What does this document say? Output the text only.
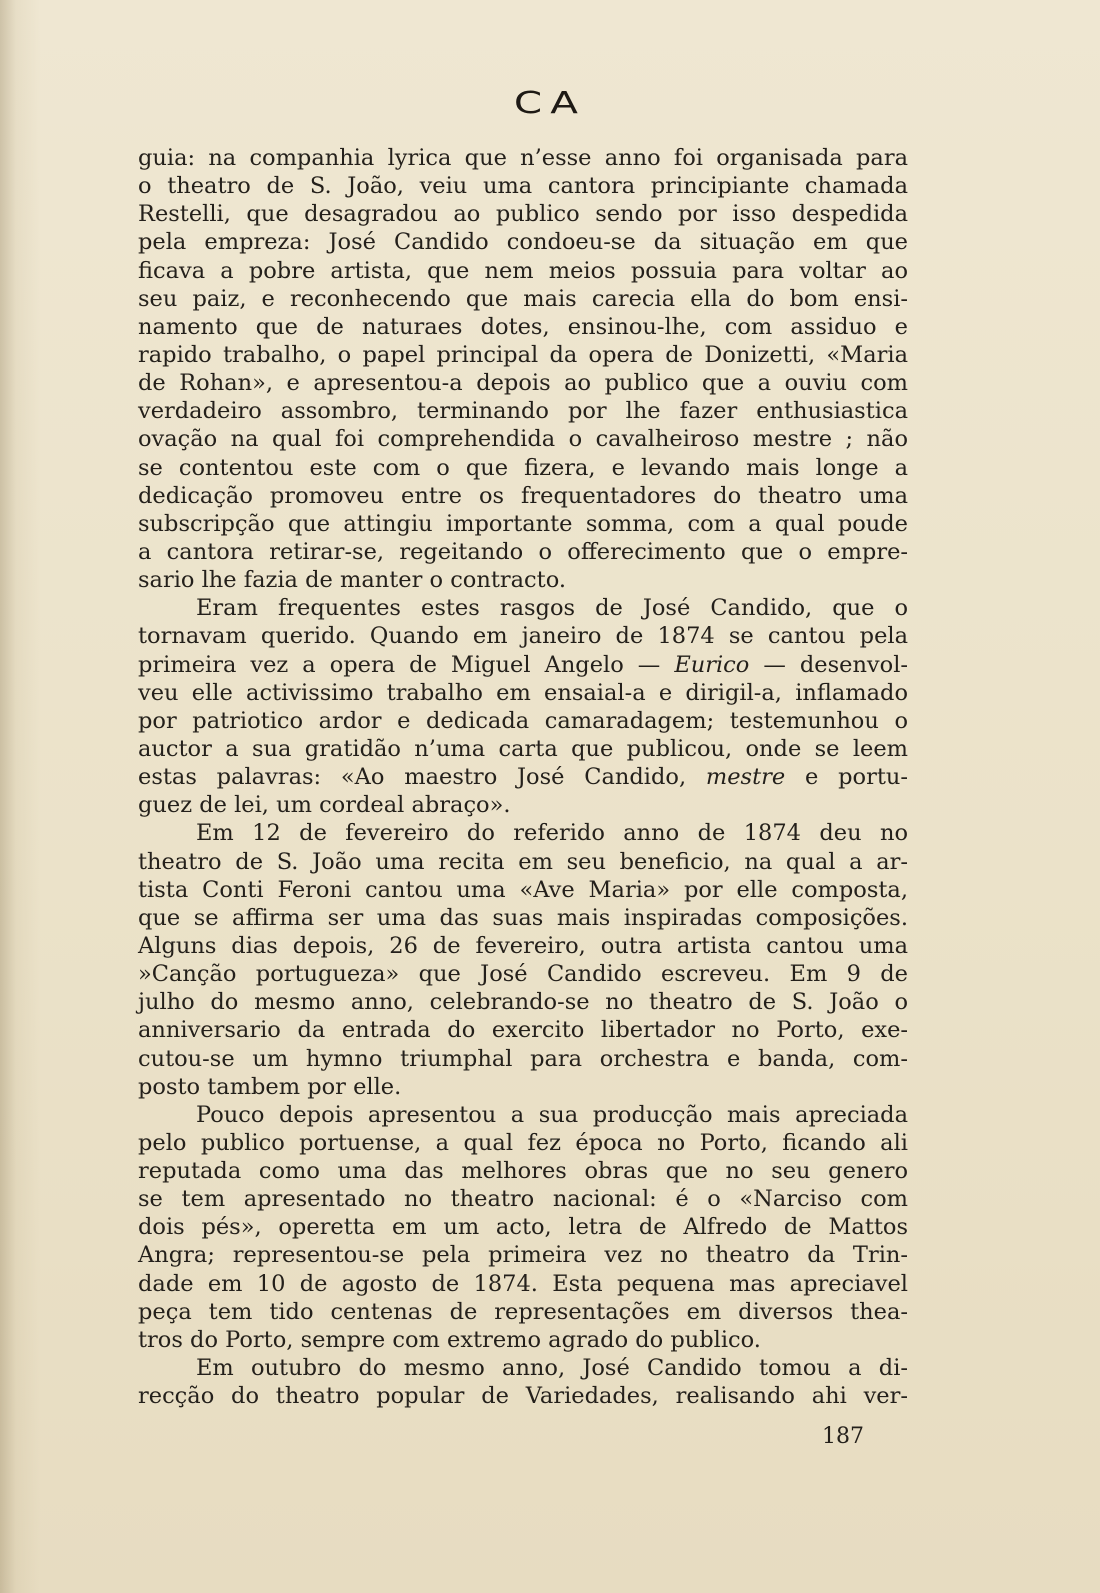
CA
guia: na companhia lyrica que n’esse anno foi organisada para
o theatro de S. João, veiu uma cantora principiante chamada
Restelli, que desagradou ao publico sendo por isso despedida
pela empreza: José Candido condoeu-se da situação em que
ficava a pobre artista, que nem meios possuia para voltar ao
seu paiz, e reconhecendo que mais carecia ella do bom ensi-
namento que de naturaes dotes, ensinou-lhe, com assiduo e
rapido trabalho, o papel principal da opera de Donizetti, «Maria
de Rohan», e apresentou-a depois ao publico que a ouviu com
verdadeiro assombro, terminando por lhe fazer enthusiastica
ovação na qual foi comprehendida o cavalheiroso mestre ; não
se contentou este com o que fizera, e levando mais longe a
dedicação promoveu entre os frequentadores do theatro uma
subscripção que attingiu importante somma, com a qual poude
a cantora retirar-se, regeitando o offerecimento que o empre-
sario lhe fazia de manter o contracto.
Eram frequentes estes rasgos de José Candido, que o
tornavam querido. Quando em janeiro de 1874 se cantou pela
primeira vez a opera de Miguel Angelo — Eurico — desenvol-
veu elle activissimo trabalho em ensaial-a e dirigil-a, inflamado
por patriotico ardor e dedicada camaradagem; testemunhou o
auctor a sua gratidão n’uma carta que publicou, onde se leem
estas palavras: «Ao maestro José Candido, mestre e portu-
guez de lei, um cordeal abraço».
Em 12 de fevereiro do referido anno de 1874 deu no
theatro de S. João uma recita em seu beneficio, na qual a ar-
tista Conti Feroni cantou uma «Ave Maria» por elle composta,
que se affirma ser uma das suas mais inspiradas composições.
Alguns dias depois, 26 de fevereiro, outra artista cantou uma
»Canção portugueza» que José Candido escreveu. Em 9 de
julho do mesmo anno, celebrando-se no theatro de S. João o
anniversario da entrada do exercito libertador no Porto, exe-
cutou-se um hymno triumphal para orchestra e banda, com-
posto tambem por elle.
Pouco depois apresentou a sua producção mais apreciada
pelo publico portuense, a qual fez época no Porto, ficando ali
reputada como uma das melhores obras que no seu genero
se tem apresentado no theatro nacional: é o «Narciso com
dois pés», operetta em um acto, letra de Alfredo de Mattos
Angra; representou-se pela primeira vez no theatro da Trin-
dade em 10 de agosto de 1874. Esta pequena mas apreciavel
peça tem tido centenas de representações em diversos thea-
tros do Porto, sempre com extremo agrado do publico.
Em outubro do mesmo anno, José Candido tomou a di-
recção do theatro popular de Variedades, realisando ahi ver-
187
